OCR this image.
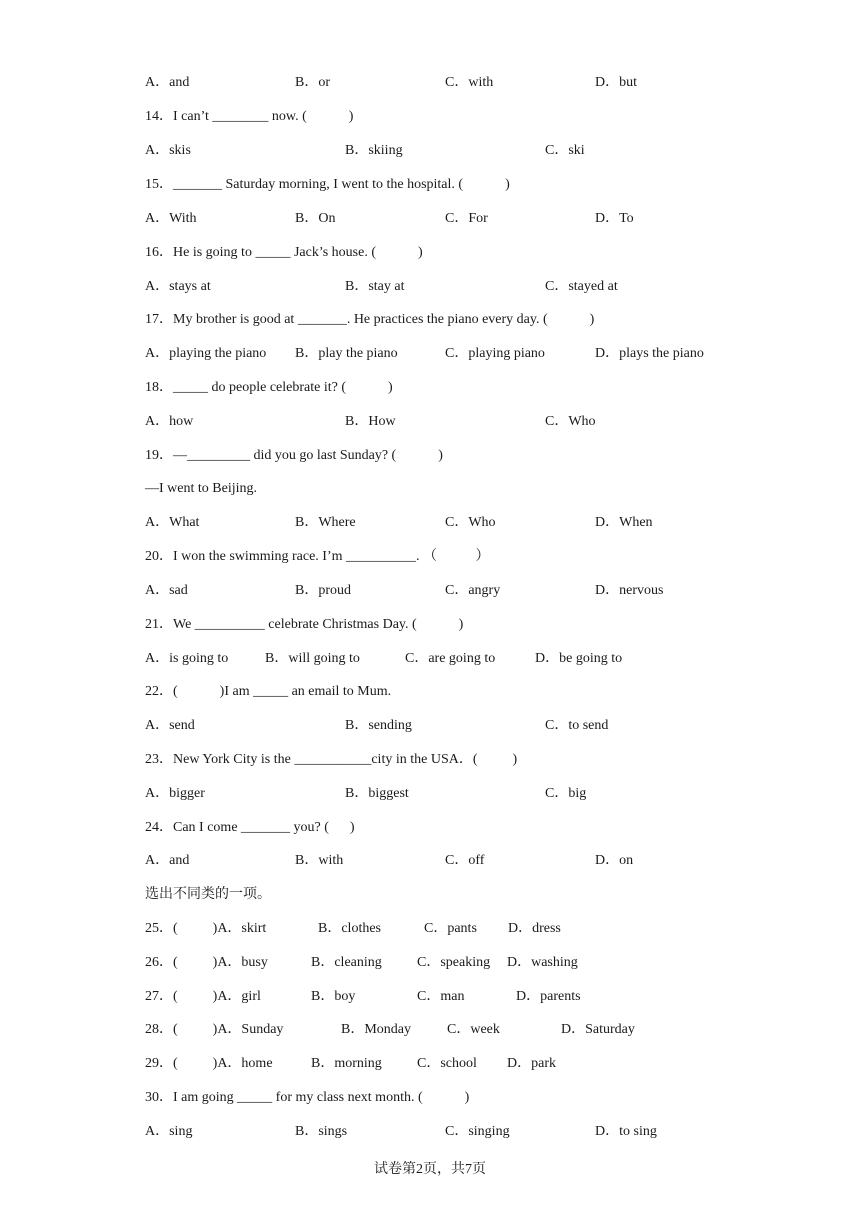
A．and	B．or	C．with	D．but
14．I can’t ________ now. (            )
A．skis	B．skiing	C．ski
15．_______ Saturday morning, I went to the hospital. (            )
A．With	B．On	C．For	D．To
16．He is going to _____ Jack’s house. (            )
A．stays at	B．stay at	C．stayed at
17．My brother is good at _______. He practices the piano every day. (            )
A．playing the piano B．play the piano	C．playing piano	D．plays the piano
18．_____ do people celebrate it? (            )
A．how	B．How	C．Who
19．—_________ did you go last Sunday? (            )
—I went to Beijing.
A．What	B．Where	C．Who	D．When
20．I won the swimming race. I’m __________. （           ）
A．sad	B．proud	C．angry	D．nervous
21．We __________ celebrate Christmas Day. (            )
A．is going to	B．will going to	C．are going to	D．be going to
22．(            )I am _____ an email to Mum.
A．send	B．sending	C．to send
23．New York City is the ___________city in the USA．(          )
A．bigger	B．biggest	C．big
24．Can I come _______ you? (      )
A．and	B．with	C．off	D．on
选出不同类的一项。
25．(          )A．skirt	B．clothes	C．pants D．dress
26．(          )A．busy	B．cleaning	C．speaking D．washing
27．(          )A．girl	B．boy	C．man	D．parents
28．(          )A．Sunday	B．Monday	C．week	D．Saturday
29．(          )A．home	B．morning	C．school D．park
30．I am going _____ for my class next month. (            )
A．sing	B．sings	C．singing	D．to sing
试卷第2页，共7页
